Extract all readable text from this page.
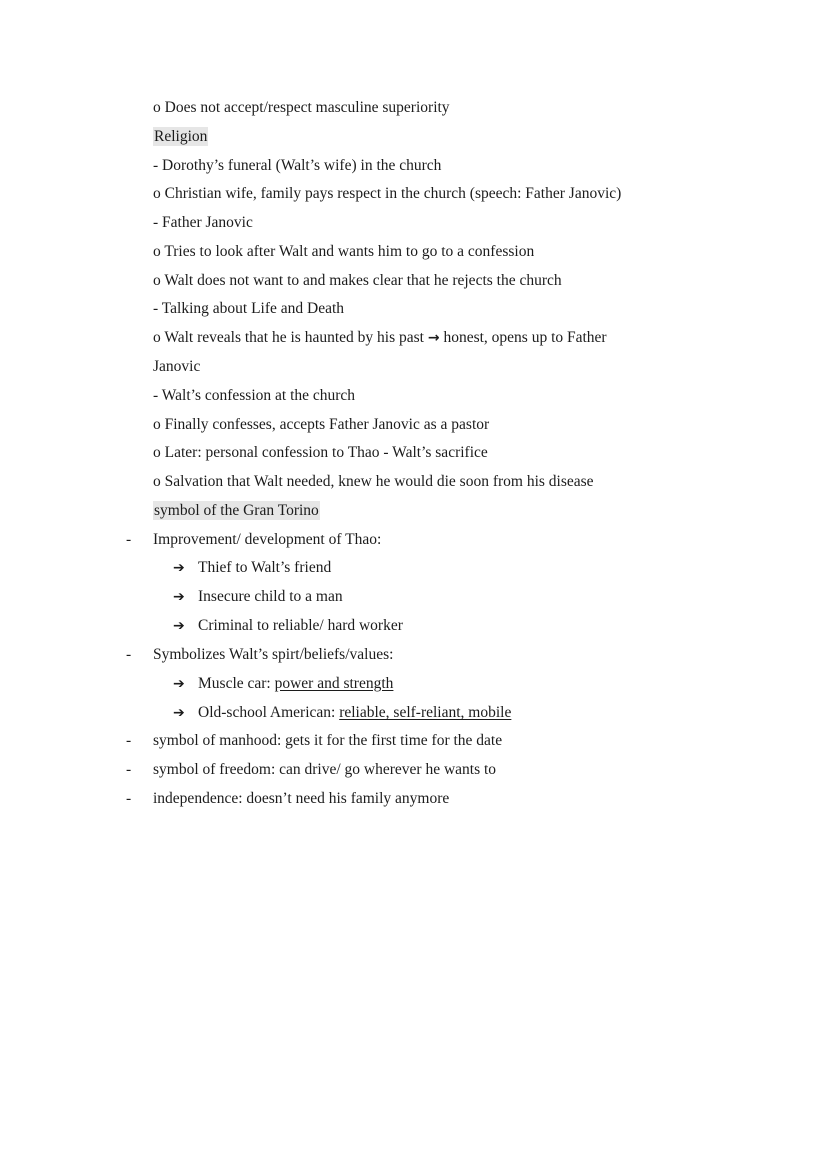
o Does not accept/respect masculine superiority
Religion
- Dorothy’s funeral (Walt’s wife) in the church
o Christian wife, family pays respect in the church (speech: Father Janovic)
- Father Janovic
o Tries to look after Walt and wants him to go to a confession
o Walt does not want to and makes clear that he rejects the church
- Talking about Life and Death
o Walt reveals that he is haunted by his past → honest, opens up to Father
Janovic
- Walt’s confession at the church
o Finally confesses, accepts Father Janovic as a pastor
o Later: personal confession to Thao - Walt’s sacrifice
o Salvation that Walt needed, knew he would die soon from his disease
symbol of the Gran Torino
- Improvement/ development of Thao:
➔ Thief to Walt’s friend
➔ Insecure child to a man
➔ Criminal to reliable/ hard worker
- Symbolizes Walt’s spirt/beliefs/values:
➔ Muscle car: power and strength
➔ Old-school American: reliable, self-reliant, mobile
- symbol of manhood: gets it for the first time for the date
- symbol of freedom: can drive/ go wherever he wants to
- independence: doesn’t need his family anymore
